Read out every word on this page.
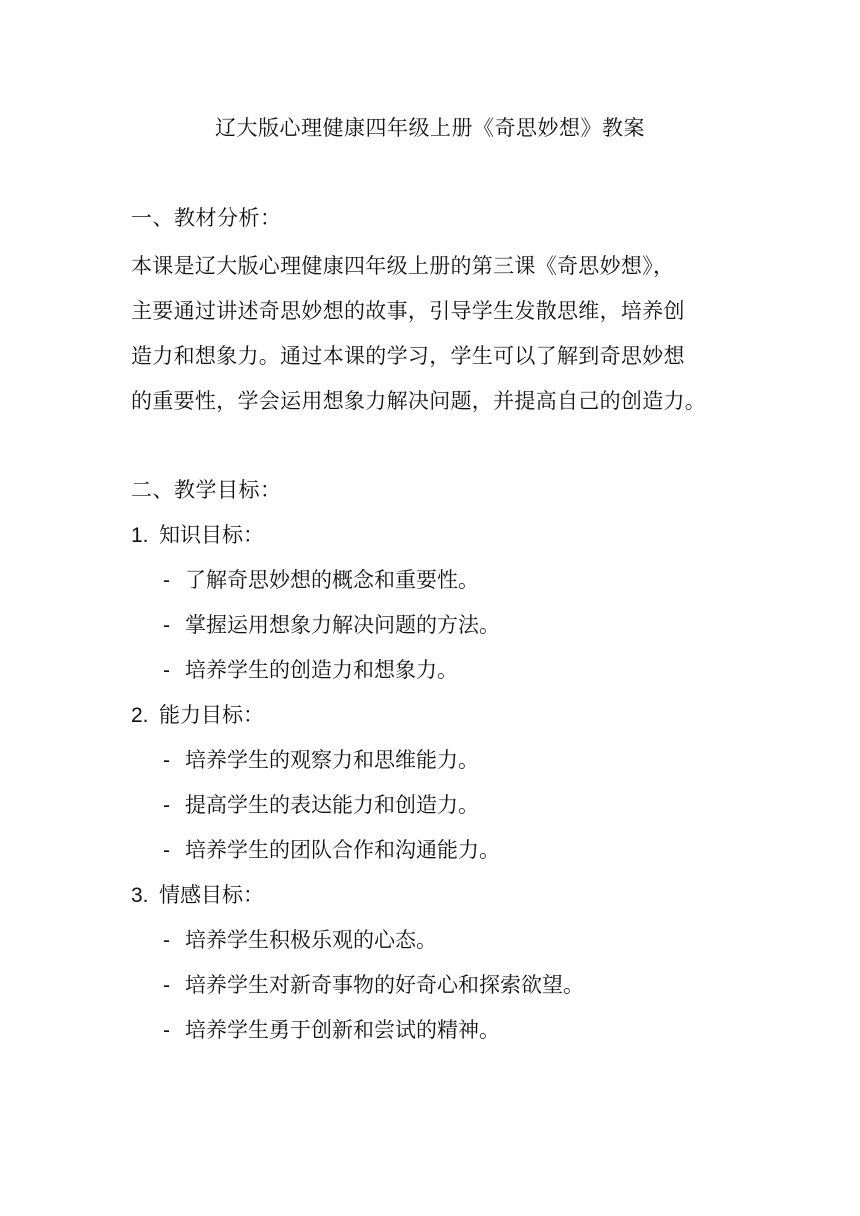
辽大版心理健康四年级上册《奇思妙想》教案
一、教材分析：
本课是辽大版心理健康四年级上册的第三课《奇思妙想》，
主要通过讲述奇思妙想的故事，引导学生发散思维，培养创
造力和想象力。通过本课的学习，学生可以了解到奇思妙想
的重要性，学会运用想象力解决问题，并提高自己的创造力。
二、教学目标：
1. 知识目标：
- 了解奇思妙想的概念和重要性。
- 掌握运用想象力解决问题的方法。
- 培养学生的创造力和想象力。
2. 能力目标：
- 培养学生的观察力和思维能力。
- 提高学生的表达能力和创造力。
- 培养学生的团队合作和沟通能力。
3. 情感目标：
- 培养学生积极乐观的心态。
- 培养学生对新奇事物的好奇心和探索欲望。
- 培养学生勇于创新和尝试的精神。
